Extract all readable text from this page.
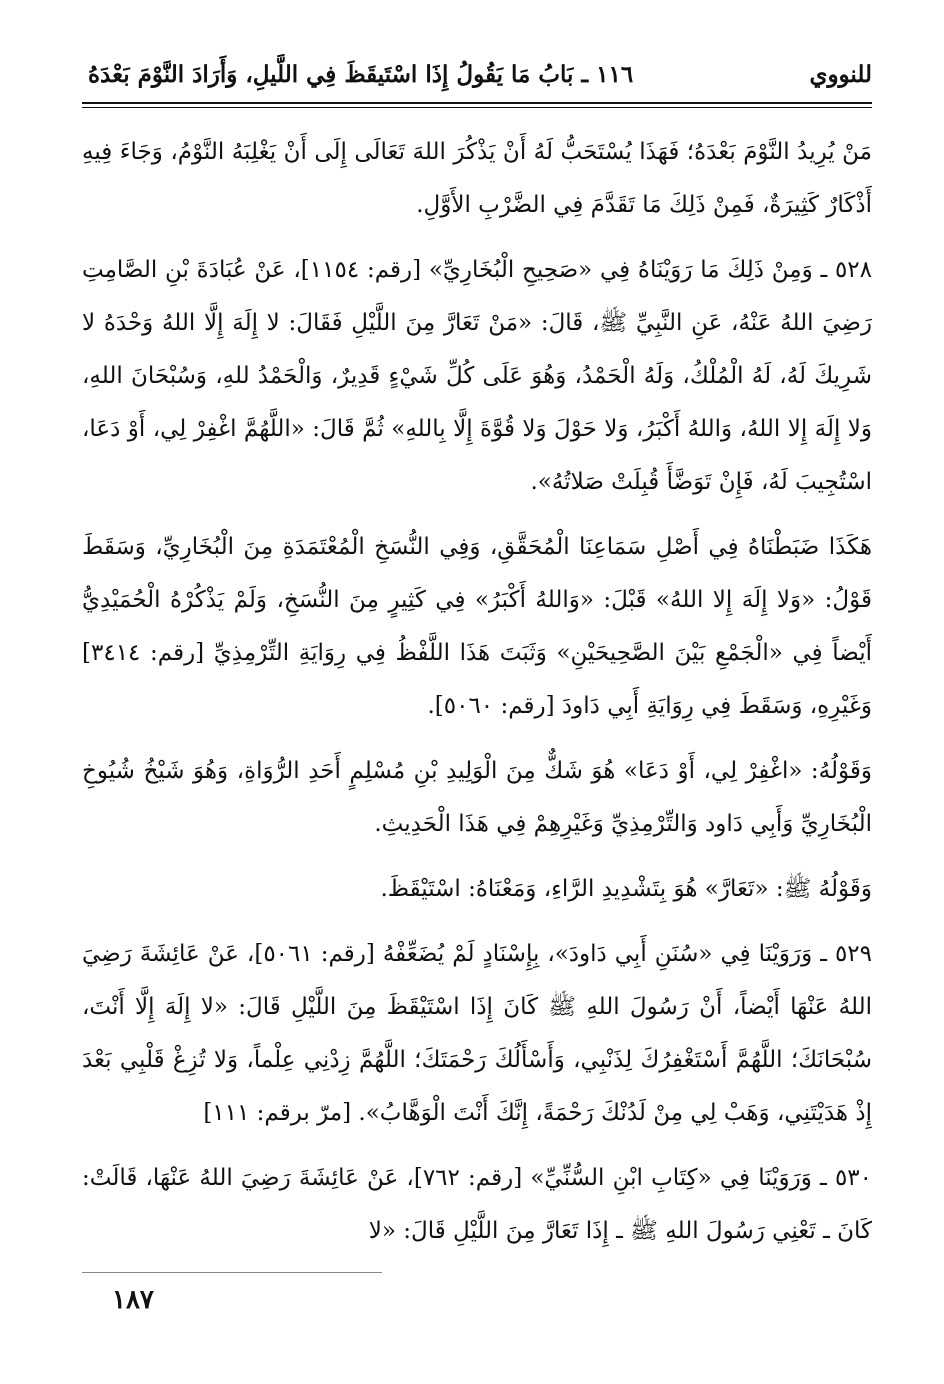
للنووي
١١٦ ـ بَابُ مَا يَقُولُ إِذَا اسْتَيقَظَ فِي اللَّيلِ، وَأَرَادَ النَّوْمَ بَعْدَهُ

مَنْ يُرِيدُ النَّوْمَ بَعْدَهُ؛ فَهَذَا يُسْتَحَبُّ لَهُ أَنْ يَذْكُرَ اللهَ تَعَالَى إِلَى أَنْ يَغْلِبَهُ النَّوْمُ، وَجَاءَ فِيهِ أَذْكَارٌ كَثِيرَةٌ، فَمِنْ ذَلِكَ مَا تَقَدَّمَ فِي الضَّرْبِ الأَوَّلِ.

٥٢٨ ـ وَمِنْ ذَلِكَ مَا رَوَيْنَاهُ فِي «صَحِيحِ الْبُخَارِيِّ» [رقم: ١١٥٤]، عَنْ عُبَادَةَ بْنِ الصَّامِتِ رَضِيَ اللهُ عَنْهُ، عَنِ النَّبِيِّ ﷺ، قَالَ: «مَنْ تَعَارَّ مِنَ اللَّيْلِ فَقَالَ: لا إِلَهَ إِلَّا اللهُ وَحْدَهُ لا شَرِيكَ لَهُ، لَهُ الْمُلْكُ، وَلَهُ الْحَمْدُ، وَهُوَ عَلَى كُلِّ شَيْءٍ قَدِيرٌ، وَالْحَمْدُ للهِ، وَسُبْحَانَ اللهِ، وَلا إِلَهَ إِلا اللهُ، وَاللهُ أَكْبَرُ، وَلا حَوْلَ وَلا قُوَّةَ إِلَّا بِاللهِ» ثُمَّ قَالَ: «اللَّهُمَّ اغْفِرْ لِي، أَوْ دَعَا، اسْتُجِيبَ لَهُ، فَإِنْ تَوَضَّأَ قُبِلَتْ صَلاتُهُ».

هَكَذَا ضَبَطْنَاهُ فِي أَصْلِ سَمَاعِنَا الْمُحَقَّقِ، وَفِي النُّسَخِ الْمُعْتَمَدَةِ مِنَ الْبُخَارِيِّ، وَسَقَطَ قَوْلُ: «وَلا إِلَهَ إِلا اللهُ» قَبْلَ: «وَاللهُ أَكْبَرُ» فِي كَثِيرٍ مِنَ النُّسَخِ، وَلَمْ يَذْكُرْهُ الْحُمَيْدِيُّ أَيْضاً فِي «الْجَمْعِ بَيْنَ الصَّحِيحَيْنِ» وَثَبَتَ هَذَا اللَّفْظُ فِي رِوَايَةِ التِّرْمِذِيِّ [رقم: ٣٤١٤] وَغَيْرِهِ، وَسَقَطَ فِي رِوَايَةِ أَبِي دَاودَ [رقم: ٥٠٦٠].

وَقَوْلُهُ: «اغْفِرْ لِي، أَوْ دَعَا» هُوَ شَكٌّ مِنَ الْوَلِيدِ بْنِ مُسْلِمٍ أَحَدِ الرُّوَاةِ، وَهُوَ شَيْخُ شُيُوخِ الْبُخَارِيِّ وَأَبِي دَاود وَالتِّرْمِذِيِّ وَغَيْرِهِمْ فِي هَذَا الْحَدِيثِ.

وَقَوْلُهُ ﷺ: «تَعَارَّ» هُوَ بِتَشْدِيدِ الرَّاءِ، وَمَعْنَاهُ: اسْتَيْقَظَ.

٥٢٩ ـ وَرَوَيْنَا فِي «سُنَنِ أَبِي دَاودَ»، بِإِسْنَادٍ لَمْ يُضَعِّفْهُ [رقم: ٥٠٦١]، عَنْ عَائِشَةَ رَضِيَ اللهُ عَنْهَا أَيْضاً، أَنْ رَسُولَ اللهِ ﷺ كَانَ إِذَا اسْتَيْقَظَ مِنَ اللَّيْلِ قَالَ: «لا إِلَهَ إِلَّا أَنْتَ، سُبْحَانَكَ؛ اللَّهُمَّ أَسْتَغْفِرُكَ لِذَنْبِي، وَأَسْأَلُكَ رَحْمَتَكَ؛ اللَّهُمَّ زِدْنِي عِلْماً، وَلا تُزِغْ قَلْبِي بَعْدَ إِذْ هَدَيْتَنِي، وَهَبْ لِي مِنْ لَدُنْكَ رَحْمَةً، إِنَّكَ أَنْتَ الْوَهَّابُ». [مرّ برقم: ١١١]

٥٣٠ ـ وَرَوَيْنَا فِي «كِتَابِ ابْنِ السُّنِّيِّ» [رقم: ٧٦٢]، عَنْ عَائِشَةَ رَضِيَ اللهُ عَنْهَا، قَالَتْ: كَانَ ـ تَعْنِي رَسُولَ اللهِ ﷺ ـ إِذَا تَعَارَّ مِنَ اللَّيْلِ قَالَ: «لا

١٨٧
